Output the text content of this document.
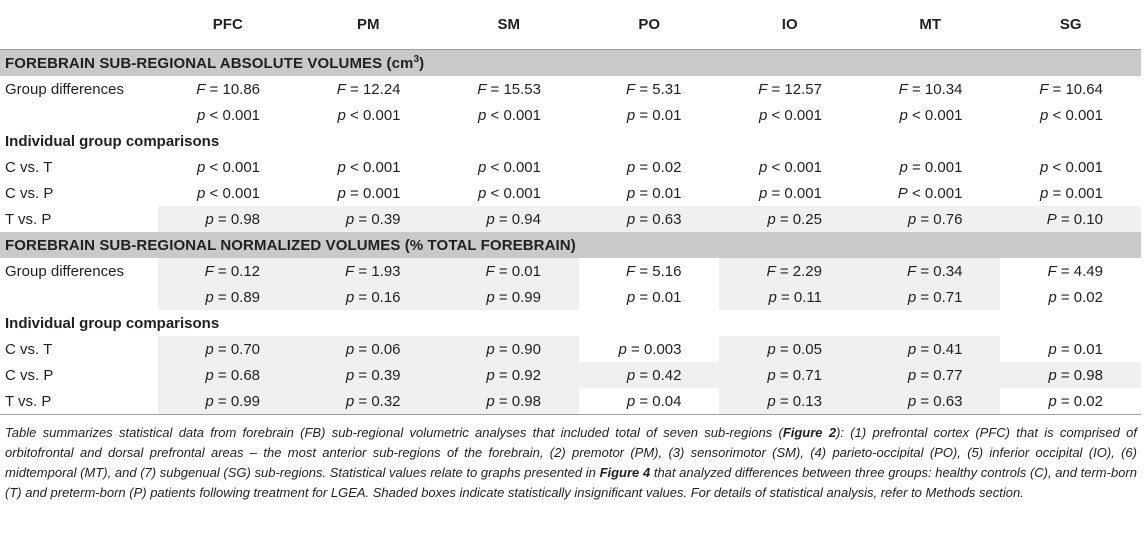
	PFC	PM	SM	PO	IO	MT	SG
FOREBRAIN SUB-REGIONAL ABSOLUTE VOLUMES $(cm^3)$							
Group differences	F = 10.86	F = 12.24	F = 15.53	F = 5.31	F = 12.57	F = 10.34	F = 10.64
	p < 0.001	p < 0.001	p < 0.001	p = 0.01	p < 0.001	p < 0.001	p < 0.001
Individual group comparisons							
C vs. T	p < 0.001	p < 0.001	p < 0.001	p = 0.02	p < 0.001	p = 0.001	p < 0.001
C vs. P	p < 0.001	p = 0.001	p < 0.001	p = 0.01	p = 0.001	P < 0.001	p = 0.001
T vs. P	p = 0.98	p = 0.39	p = 0.94	p = 0.63	p = 0.25	p = 0.76	P = 0.10
FOREBRAIN SUB-REGIONAL NORMALIZED VOLUMES (% TOTAL FOREBRAIN)							
Group differences	F = 0.12	F = 1.93	F = 0.01	F = 5.16	F = 2.29	F = 0.34	F = 4.49
	p = 0.89	p = 0.16	p = 0.99	p = 0.01	p = 0.11	p = 0.71	p = 0.02
Individual group comparisons							
C vs. T	p = 0.70	p = 0.06	p = 0.90	p = 0.003	p = 0.05	p = 0.41	p = 0.01
C vs. P	p = 0.68	p = 0.39	p = 0.92	p = 0.42	p = 0.71	p = 0.77	p = 0.98
T vs. P	p = 0.99	p = 0.32	p = 0.98	p = 0.04	p = 0.13	p = 0.63	p = 0.02
Table summarizes statistical data from forebrain (FB) sub-regional volumetric analyses that included total of seven sub-regions (Figure 2): (1) prefrontal cortex (PFC) that is comprised of orbitofrontal and dorsal prefrontal areas – the most anterior sub-regions of the forebrain, (2) premotor (PM), (3) sensorimotor (SM), (4) parieto-occipital (PO), (5) inferior occipital (IO), (6) midtemporal (MT), and (7) subgenual (SG) sub-regions. Statistical values relate to graphs presented in Figure 4 that analyzed differences between three groups: healthy controls (C), and term-born (T) and preterm-born (P) patients following treatment for LGEA. Shaded boxes indicate statistically insignificant values. For details of statistical analysis, refer to Methods section.
